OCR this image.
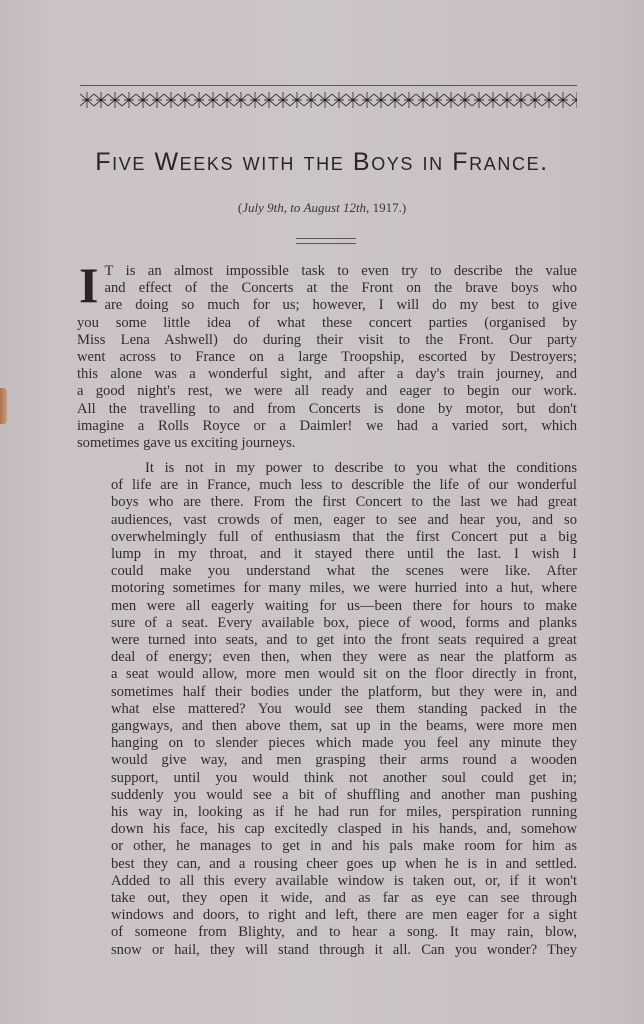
Five Weeks with the Boys in France.
(July 9th, to August 12th, 1917.)
I T is an almost impossible task to even try to describe the value
and effect of the Concerts at the Front on the brave boys who
are doing so much for us; however, I will do my best to give
you some little idea of what these concert parties (organised by
Miss Lena Ashwell) do during their visit to the Front. Our party
went across to France on a large Troopship, escorted by Destroyers;
this alone was a wonderful sight, and after a day's train journey, and
a good night's rest, we were all ready and eager to begin our work.
All the travelling to and from Concerts is done by motor, but don't
imagine a Rolls Royce or a Daimler! we had a varied sort, which
sometimes gave us exciting journeys.
It is not in my power to describe to you what the conditions
of life are in France, much less to describle the life of our wonderful
boys who are there. From the first Concert to the last we had great
audiences, vast crowds of men, eager to see and hear you, and so
overwhelmingly full of enthusiasm that the first Concert put a big
lump in my throat, and it stayed there until the last. I wish I
could make you understand what the scenes were like. After
motoring sometimes for many miles, we were hurried into a hut, where
men were all eagerly waiting for us—been there for hours to make
sure of a seat. Every available box, piece of wood, forms and planks
were turned into seats, and to get into the front seats required a great
deal of energy; even then, when they were as near the platform as
a seat would allow, more men would sit on the floor directly in front,
sometimes half their bodies under the platform, but they were in, and
what else mattered? You would see them standing packed in the
gangways, and then above them, sat up in the beams, were more men
hanging on to slender pieces which made you feel any minute they
would give way, and men grasping their arms round a wooden
support, until you would think not another soul could get in;
suddenly you would see a bit of shuffling and another man pushing
his way in, looking as if he had run for miles, perspiration running
down his face, his cap excitedly clasped in his hands, and, somehow
or other, he manages to get in and his pals make room for him as
best they can, and a rousing cheer goes up when he is in and settled.
Added to all this every available window is taken out, or, if it won't
take out, they open it wide, and as far as eye can see through
windows and doors, to right and left, there are men eager for a sight
of someone from Blighty, and to hear a song. It may rain, blow,
snow or hail, they will stand through it all. Can you wonder? They
